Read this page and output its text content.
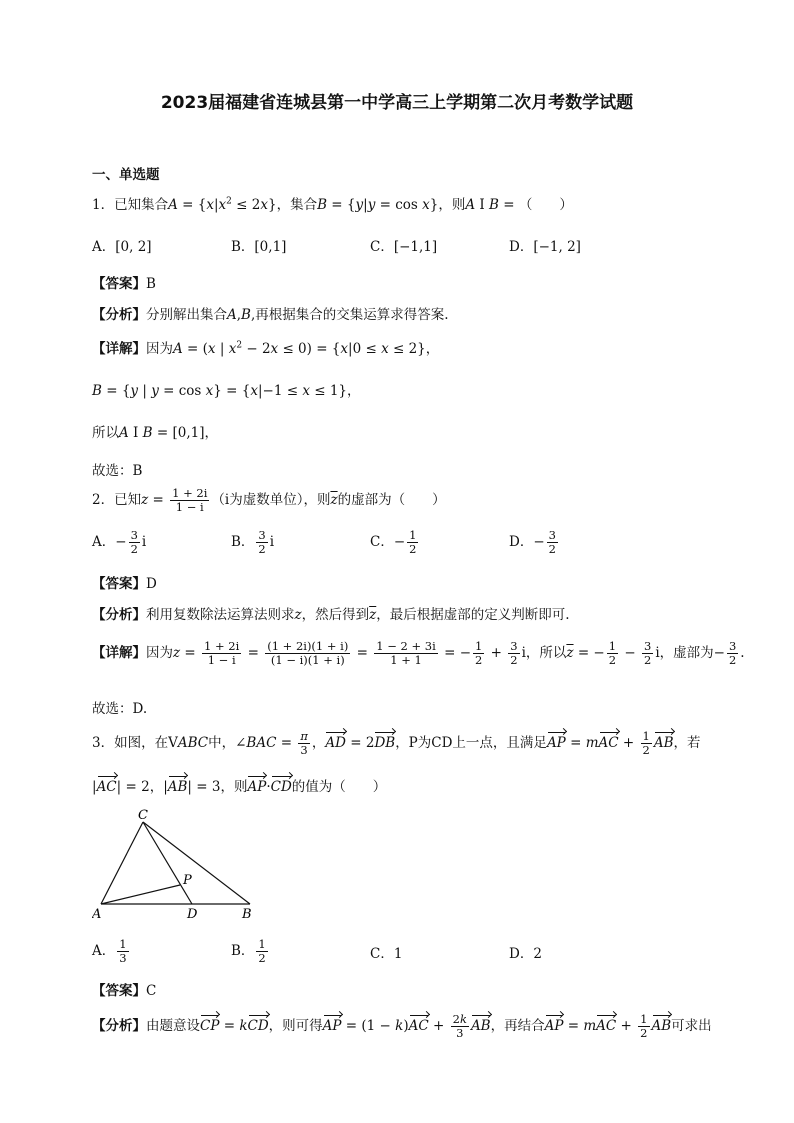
2023届福建省连城县第一中学高三上学期第二次月考数学试题
一、单选题
1．已知集合$A = \{x|x^2 \le 2x\}$，集合B = {y|y = cos x}，则A I B = （　　）
A．[0, 2]	B．[0,1]	C．[−1,1]	D．[−1, 2]
【答案】B
【分析】分别解出集合A,B,再根据集合的交集运算求得答案.
【详解】因为A = (x | $x^2 - 2x \le 0) = \{x|0 \le x \le 2\}$，
B = {y | y = cos x} = {x|−1 ≤ x ≤ 1}，
所以A I B = [0,1]，
故选：B
2．已知$z = \frac{1 + 2i}{1 - i} (i$为虚数单位），则$\overline{z}$的虚部为（　　）
A．− $\frac{3}{2}$ i	B． $\frac{3}{2}$ i	C．− $\frac{1}{2}$	D．− $\frac{3}{2}$
【答案】D
【分析】利用复数除法运算法则求z，然后得到$\overline{z}$，最后根据虚部的定义判断即可.
【详解】因为$z = \frac{1 + 2i}{1 - i} = \frac{(1 + 2i)(1 + i)}{(1 - i)(1 + i)} = \frac{1 - 2 + 3i}{1 + 1}$ = − $\frac{1}{2} + \frac{3}{2}$ i，所以$\overline{z}$ = − $\frac{1}{2} - \frac{3}{2}$ i，虚部为− $\frac{3}{2}$ .
故选：D.
3．如图，在VABC中，∠BAC = $\frac{\pi}{3}$ ，AD = 2DB，P为CD上一点，且满足AP = mAC + $\frac{1}{2}$ AB，若
|AC| = 2，|AB| = 3，则AP·CD的值为（　　）
A	B
C
D
P
A． $\frac{1}{3}$	B． $\frac{1}{2}$	C．1	D．2
【答案】C
【分析】由题意设CP = kCD，则可得AP = $(1 - k)AC + \frac{2k}{3}$ AB，再结合AP = mAC + $\frac{1}{2}$ AB可求出
